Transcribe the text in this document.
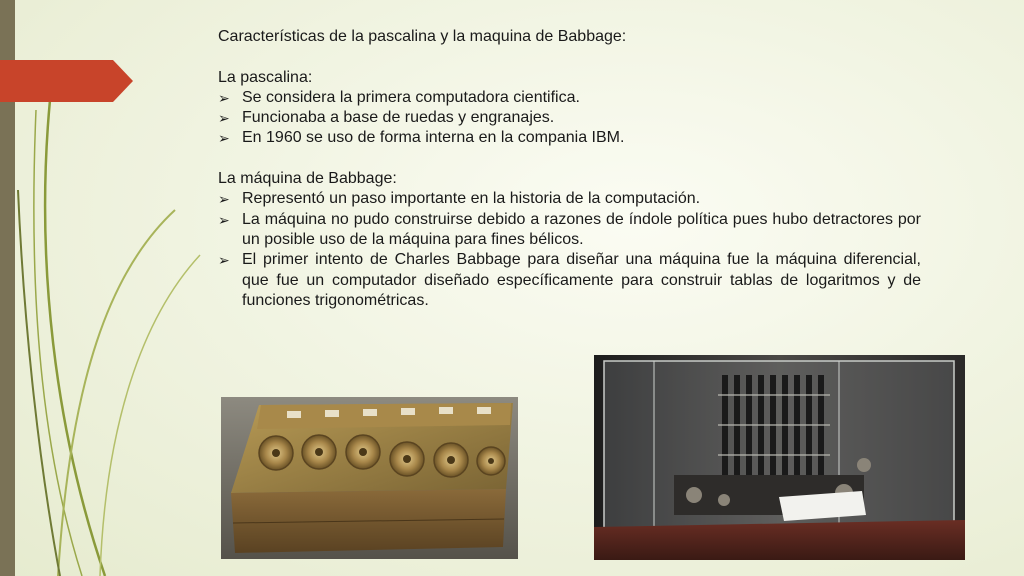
Características de la pascalina y la maquina de Babbage:

La pascalina:

➢ Se considera la primera computadora cientifica.
➢ Funcionaba a base de ruedas y engranajes.
➢ En 1960 se uso de forma interna en la compania IBM.

La máquina de Babbage:

➢ Representó un paso importante en la historia de la computación.
➢ La máquina no pudo construirse debido a razones de índole política pues hubo detractores por un posible uso de la máquina para fines bélicos.
➢ El primer intento de Charles Babbage para diseñar una máquina fue la máquina diferencial, que fue un computador diseñado específicamente para construir tablas de logaritmos y de funciones trigonométricas.
